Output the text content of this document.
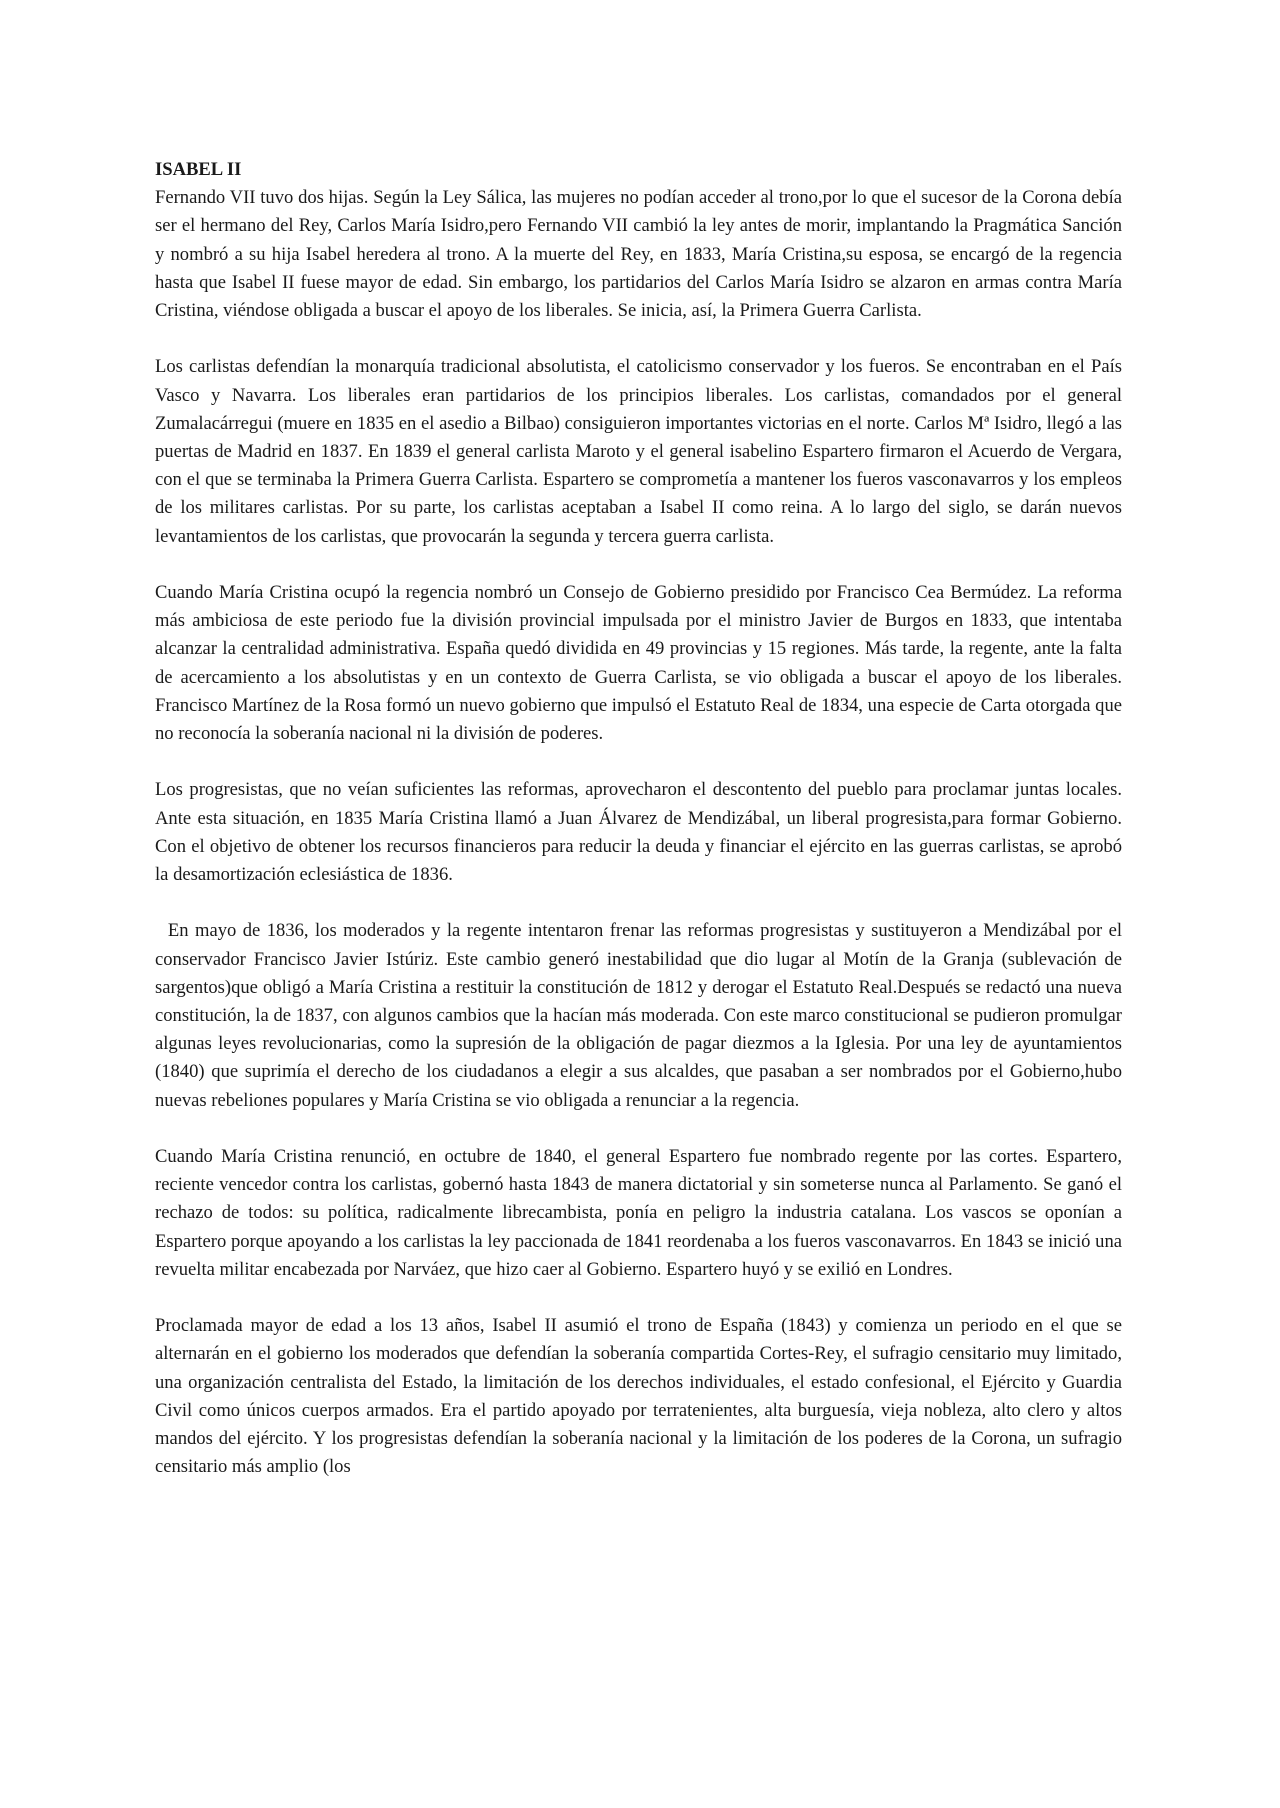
ISABEL II

Fernando VII tuvo dos hijas. Según la Ley Sálica, las mujeres no podían acceder al trono,por lo que el sucesor de la Corona debía ser el hermano del Rey, Carlos María Isidro,pero Fernando VII cambió la ley antes de morir, implantando la Pragmática Sanción y nombró a su hija Isabel heredera al trono. A la muerte del Rey, en 1833, María Cristina,su esposa, se encargó de la regencia hasta que Isabel II fuese mayor de edad. Sin embargo, los partidarios del Carlos María Isidro se alzaron en armas contra María Cristina, viéndose obligada a buscar el apoyo de los liberales. Se inicia, así, la Primera Guerra Carlista.

Los carlistas defendían la monarquía tradicional absolutista, el catolicismo conservador y los fueros. Se encontraban en el País Vasco y Navarra. Los liberales eran partidarios de los principios liberales. Los carlistas, comandados por el general Zumalacárregui (muere en 1835 en el asedio a Bilbao) consiguieron importantes victorias en el norte. Carlos Mª Isidro, llegó a las puertas de Madrid en 1837. En 1839 el general carlista Maroto y el general isabelino Espartero firmaron el Acuerdo de Vergara, con el que se terminaba la Primera Guerra Carlista. Espartero se comprometía a mantener los fueros vasconavarros y los empleos de los militares carlistas. Por su parte, los carlistas aceptaban a Isabel II como reina. A lo largo del siglo, se darán nuevos levantamientos de los carlistas, que provocarán la segunda y tercera guerra carlista.

Cuando María Cristina ocupó la regencia nombró un Consejo de Gobierno presidido por Francisco Cea Bermúdez. La reforma más ambiciosa de este periodo fue la división provincial impulsada por el ministro Javier de Burgos en 1833, que intentaba alcanzar la centralidad administrativa. España quedó dividida en 49 provincias y 15 regiones. Más tarde, la regente, ante la falta de acercamiento a los absolutistas y en un contexto de Guerra Carlista, se vio obligada a buscar el apoyo de los liberales. Francisco Martínez de la Rosa formó un nuevo gobierno que impulsó el Estatuto Real de 1834, una especie de Carta otorgada que no reconocía la soberanía nacional ni la división de poderes.

Los progresistas, que no veían suficientes las reformas, aprovecharon el descontento del pueblo para proclamar juntas locales. Ante esta situación, en 1835 María Cristina llamó a Juan Álvarez de Mendizábal, un liberal progresista,para formar Gobierno. Con el objetivo de obtener los recursos financieros para reducir la deuda y financiar el ejército en las guerras carlistas, se aprobó la desamortización eclesiástica de 1836.

En mayo de 1836, los moderados y la regente intentaron frenar las reformas progresistas y sustituyeron a Mendizábal por el conservador Francisco Javier Istúriz. Este cambio generó inestabilidad que dio lugar al Motín de la Granja (sublevación de sargentos)que obligó a María Cristina a restituir la constitución de 1812 y derogar el Estatuto Real.Después se redactó una nueva constitución, la de 1837, con algunos cambios que la hacían más moderada. Con este marco constitucional se pudieron promulgar algunas leyes revolucionarias, como la supresión de la obligación de pagar diezmos a la Iglesia. Por una ley de ayuntamientos (1840) que suprimía el derecho de los ciudadanos a elegir a sus alcaldes, que pasaban a ser nombrados por el Gobierno,hubo nuevas rebeliones populares y María Cristina se vio obligada a renunciar a la regencia.

Cuando María Cristina renunció, en octubre de 1840, el general Espartero fue nombrado regente por las cortes. Espartero, reciente vencedor contra los carlistas, gobernó hasta 1843 de manera dictatorial y sin someterse nunca al Parlamento. Se ganó el rechazo de todos: su política, radicalmente librecambista, ponía en peligro la industria catalana. Los vascos se oponían a Espartero porque apoyando a los carlistas la ley paccionada de 1841 reordenaba a los fueros vasconavarros. En 1843 se inició una revuelta militar encabezada por Narváez, que hizo caer al Gobierno. Espartero huyó y se exilió en Londres.

Proclamada mayor de edad a los 13 años, Isabel II asumió el trono de España (1843) y comienza un periodo en el que se alternarán en el gobierno los moderados que defendían la soberanía compartida Cortes-Rey, el sufragio censitario muy limitado, una organización centralista del Estado, la limitación de los derechos individuales, el estado confesional, el Ejército y Guardia Civil como únicos cuerpos armados. Era el partido apoyado por terratenientes, alta burguesía, vieja nobleza, alto clero y altos mandos del ejército. Y los progresistas defendían la soberanía nacional y la limitación de los poderes de la Corona, un sufragio censitario más amplio (los
